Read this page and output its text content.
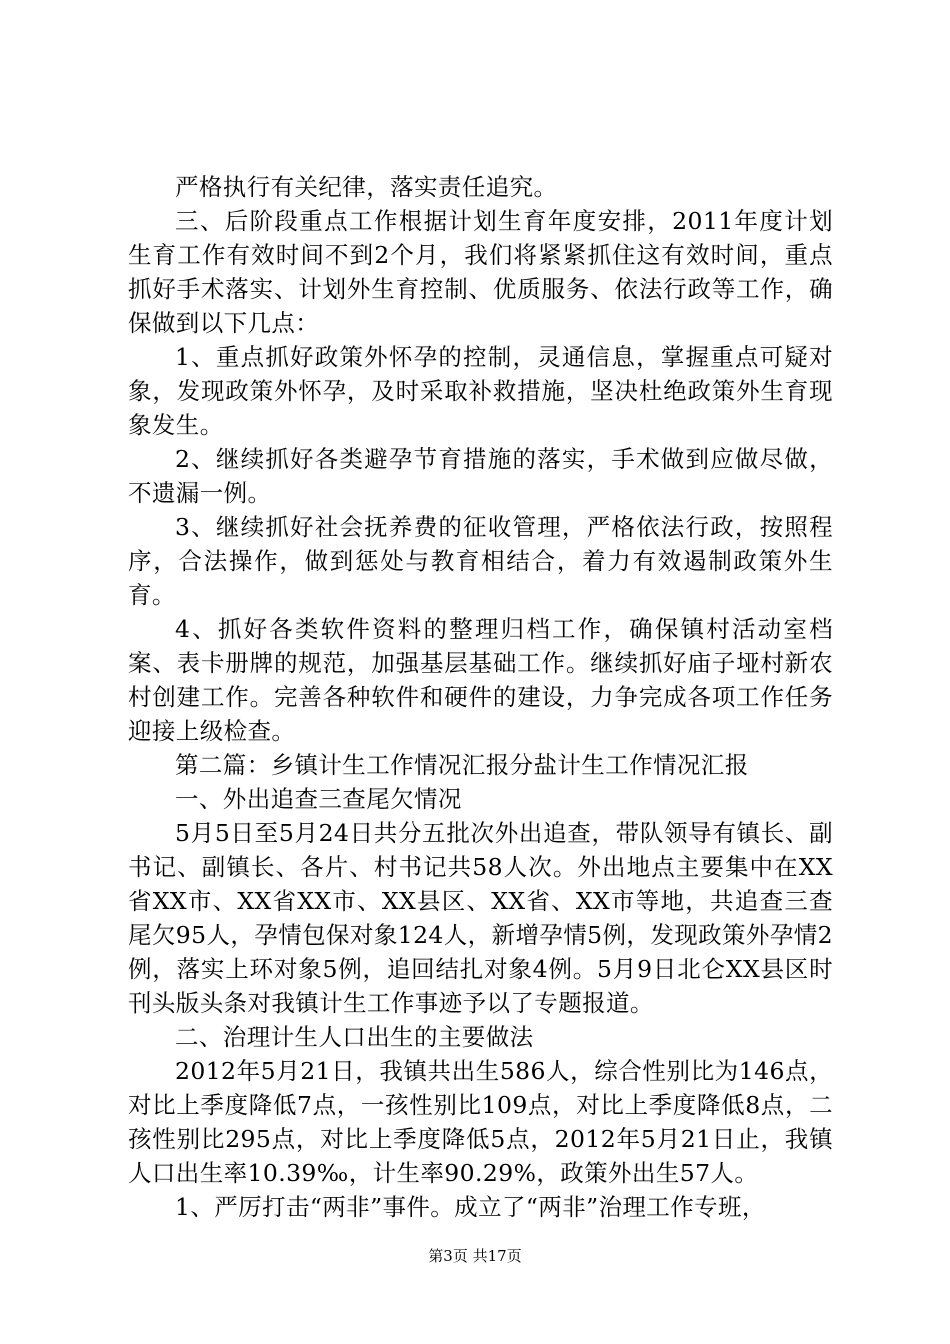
严格执行有关纪律，落实责任追究。

三、后阶段重点工作根据计划生育年度安排，2011年度计划生育工作有效时间不到2个月，我们将紧紧抓住这有效时间，重点抓好手术落实、计划外生育控制、优质服务、依法行政等工作，确保做到以下几点：

1、重点抓好政策外怀孕的控制，灵通信息，掌握重点可疑对象，发现政策外怀孕，及时采取补救措施，坚决杜绝政策外生育现象发生。

2、继续抓好各类避孕节育措施的落实，手术做到应做尽做，不遗漏一例。

3、继续抓好社会抚养费的征收管理，严格依法行政，按照程序，合法操作，做到惩处与教育相结合，着力有效遏制政策外生育。

4、抓好各类软件资料的整理归档工作，确保镇村活动室档案、表卡册牌的规范，加强基层基础工作。继续抓好庙子垭村新农村创建工作。完善各种软件和硬件的建设，力争完成各项工作任务迎接上级检查。

第二篇：乡镇计生工作情况汇报分盐计生工作情况汇报

一、外出追查三查尾欠情况

5月5日至5月24日共分五批次外出追查，带队领导有镇长、副书记、副镇长、各片、村书记共58人次。外出地点主要集中在XX省XX市、XX省XX市、XX县区、XX省、XX市等地，共追查三查尾欠95人，孕情包保对象124人，新增孕情5例，发现政策外孕情2例，落实上环对象5例，追回结扎对象4例。5月9日北仑XX县区时刊头版头条对我镇计生工作事迹予以了专题报道。

二、治理计生人口出生的主要做法

2012年5月21日，我镇共出生586人，综合性别比为146点，对比上季度降低7点，一孩性别比109点，对比上季度降低8点，二孩性别比295点，对比上季度降低5点，2012年5月21日止，我镇人口出生率10.39‰，计生率90.29%，政策外出生57人。

1、严厉打击“两非”事件。成立了“两非”治理工作专班，

第3页 共17页
